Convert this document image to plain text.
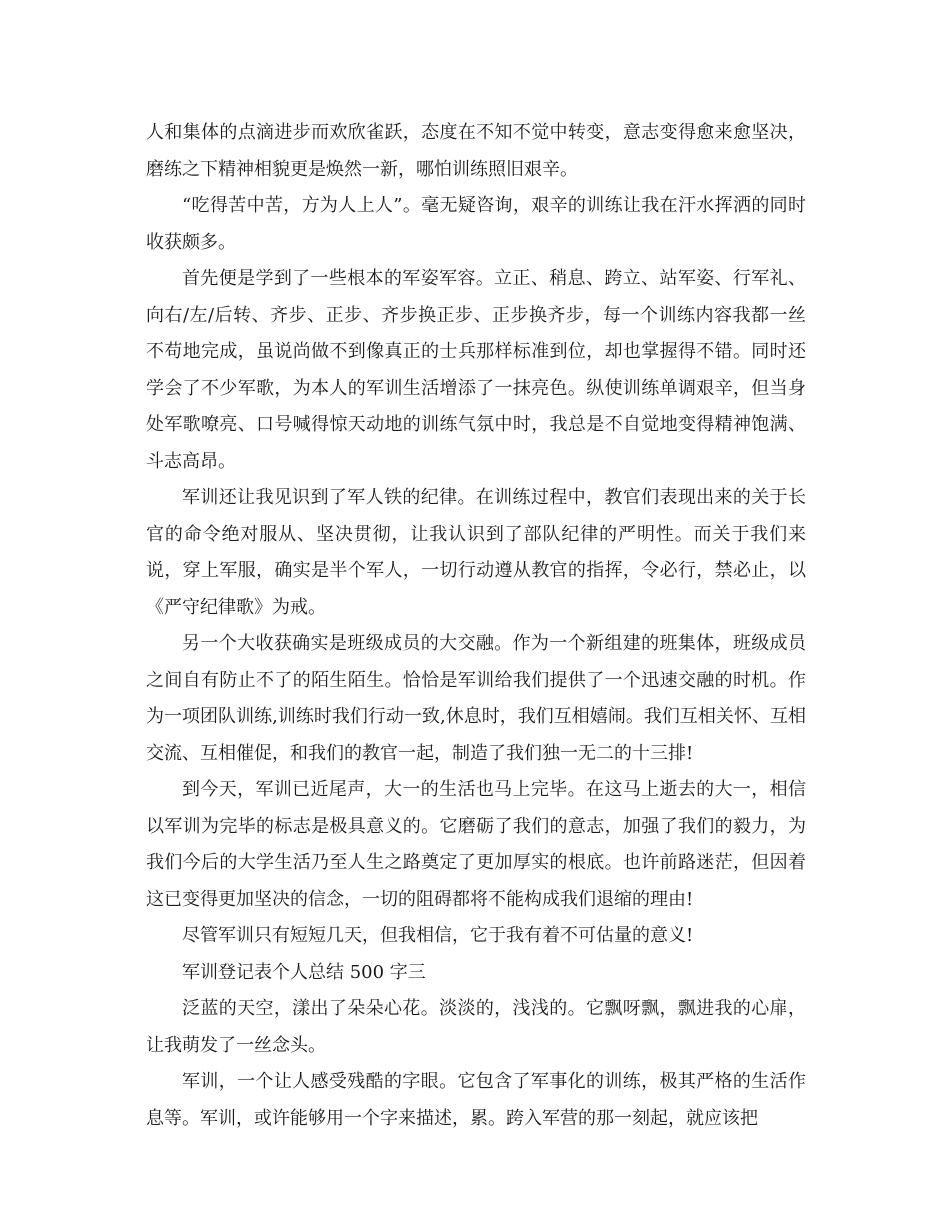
人和集体的点滴进步而欢欣雀跃，态度在不知不觉中转变，意志变得愈来愈坚决，磨练之下精神相貌更是焕然一新，哪怕训练照旧艰辛。

“吃得苦中苦，方为人上人”。毫无疑咨询，艰辛的训练让我在汗水挥洒的同时收获颇多。

首先便是学到了一些根本的军姿军容。立正、稍息、跨立、站军姿、行军礼、向右/左/后转、齐步、正步、齐步换正步、正步换齐步，每一个训练内容我都一丝不苟地完成，虽说尚做不到像真正的士兵那样标准到位，却也掌握得不错。同时还学会了不少军歌，为本人的军训生活增添了一抹亮色。纵使训练单调艰辛，但当身处军歌嘹亮、口号喊得惊天动地的训练气氛中时，我总是不自觉地变得精神饱满、斗志高昂。

军训还让我见识到了军人铁的纪律。在训练过程中，教官们表现出来的关于长官的命令绝对服从、坚决贯彻，让我认识到了部队纪律的严明性。而关于我们来说，穿上军服，确实是半个军人，一切行动遵从教官的指挥，令必行，禁必止，以《严守纪律歌》为戒。

另一个大收获确实是班级成员的大交融。作为一个新组建的班集体，班级成员之间自有防止不了的陌生陌生。恰恰是军训给我们提供了一个迅速交融的时机。作为一项团队训练,训练时我们行动一致,休息时，我们互相嬉闹。我们互相关怀、互相交流、互相催促，和我们的教官一起，制造了我们独一无二的十三排!

到今天，军训已近尾声，大一的生活也马上完毕。在这马上逝去的大一，相信以军训为完毕的标志是极具意义的。它磨砺了我们的意志，加强了我们的毅力，为我们今后的大学生活乃至人生之路奠定了更加厚实的根底。也许前路迷茫，但因着这已变得更加坚决的信念，一切的阻碍都将不能构成我们退缩的理由!

尽管军训只有短短几天，但我相信，它于我有着不可估量的意义!

军训登记表个人总结 500 字三

泛蓝的天空，漾出了朵朵心花。淡淡的，浅浅的。它飘呀飘，飘进我的心扉，让我萌发了一丝念头。

军训，一个让人感受残酷的字眼。它包含了军事化的训练，极其严格的生活作息等。军训，或许能够用一个字来描述，累。跨入军营的那一刻起，就应该把
